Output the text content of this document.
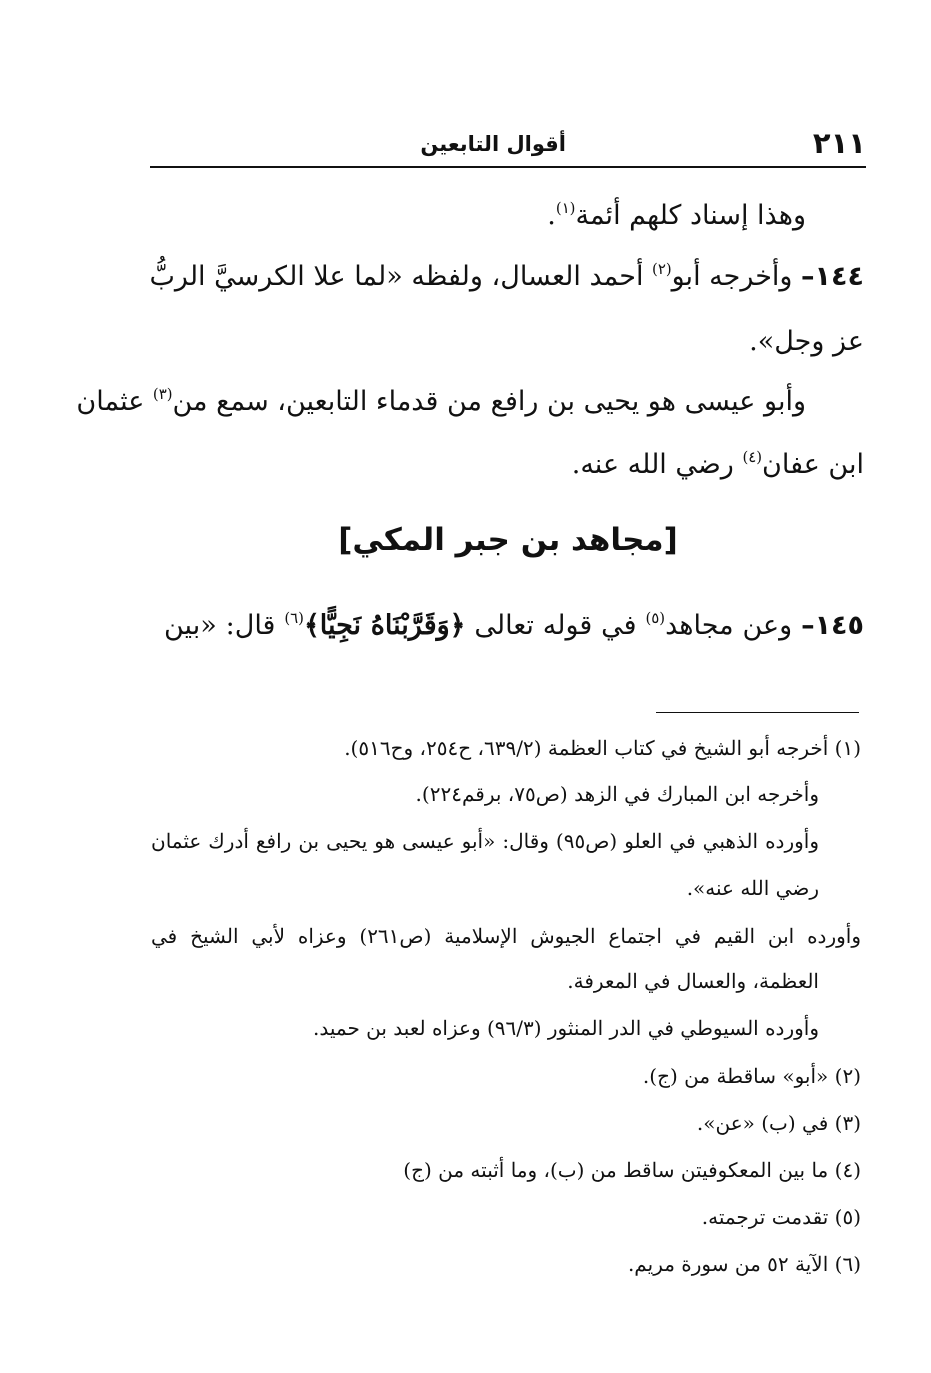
٢١١
أقوال التابعين
وهذا إسناد كلهم أئمة$^{(١)}$.
١٤٤– وأخرجه أبو$^{(٢)}$ أحمد العسال، ولفظه «لما علا الكرسيَّ الربُّ
عز وجل».
وأبو عيسى هو يحيى بن رافع من قدماء التابعين، سمع من$^{(٣)}$ عثمان
ابن عفان$^{(٤)}$ رضي الله عنه.
[مجاهد بن جبر المكي]
١٤٥– وعن مجاهد$^{(٥)}$ في قوله تعالى ﴿وَقَرَّبْنَاهُ نَجِيًّا﴾$^{(٦)}$ قال: «بين
(١) أخرجه أبو الشيخ في كتاب العظمة (٦٣٩/٢، ح٢٥٤، وح٥١٦).
وأخرجه ابن المبارك في الزهد (ص٧٥، برقم٢٢٤).
وأورده الذهبي في العلو (ص٩٥) وقال: «أبو عيسى هو يحيى بن رافع أدرك عثمان
رضي الله عنه».
وأورده ابن القيم في اجتماع الجيوش الإسلامية (ص٢٦١) وعزاه لأبي الشيخ في
العظمة، والعسال في المعرفة.
وأورده السيوطي في الدر المنثور (٩٦/٣) وعزاه لعبد بن حميد.
(٢) «أبو» ساقطة من (ج).
(٣) في (ب) «عن».
(٤) ما بين المعكوفيتن ساقط من (ب)، وما أثبته من (ج)
(٥) تقدمت ترجمته.
(٦) الآية ٥٢ من سورة مريم.
